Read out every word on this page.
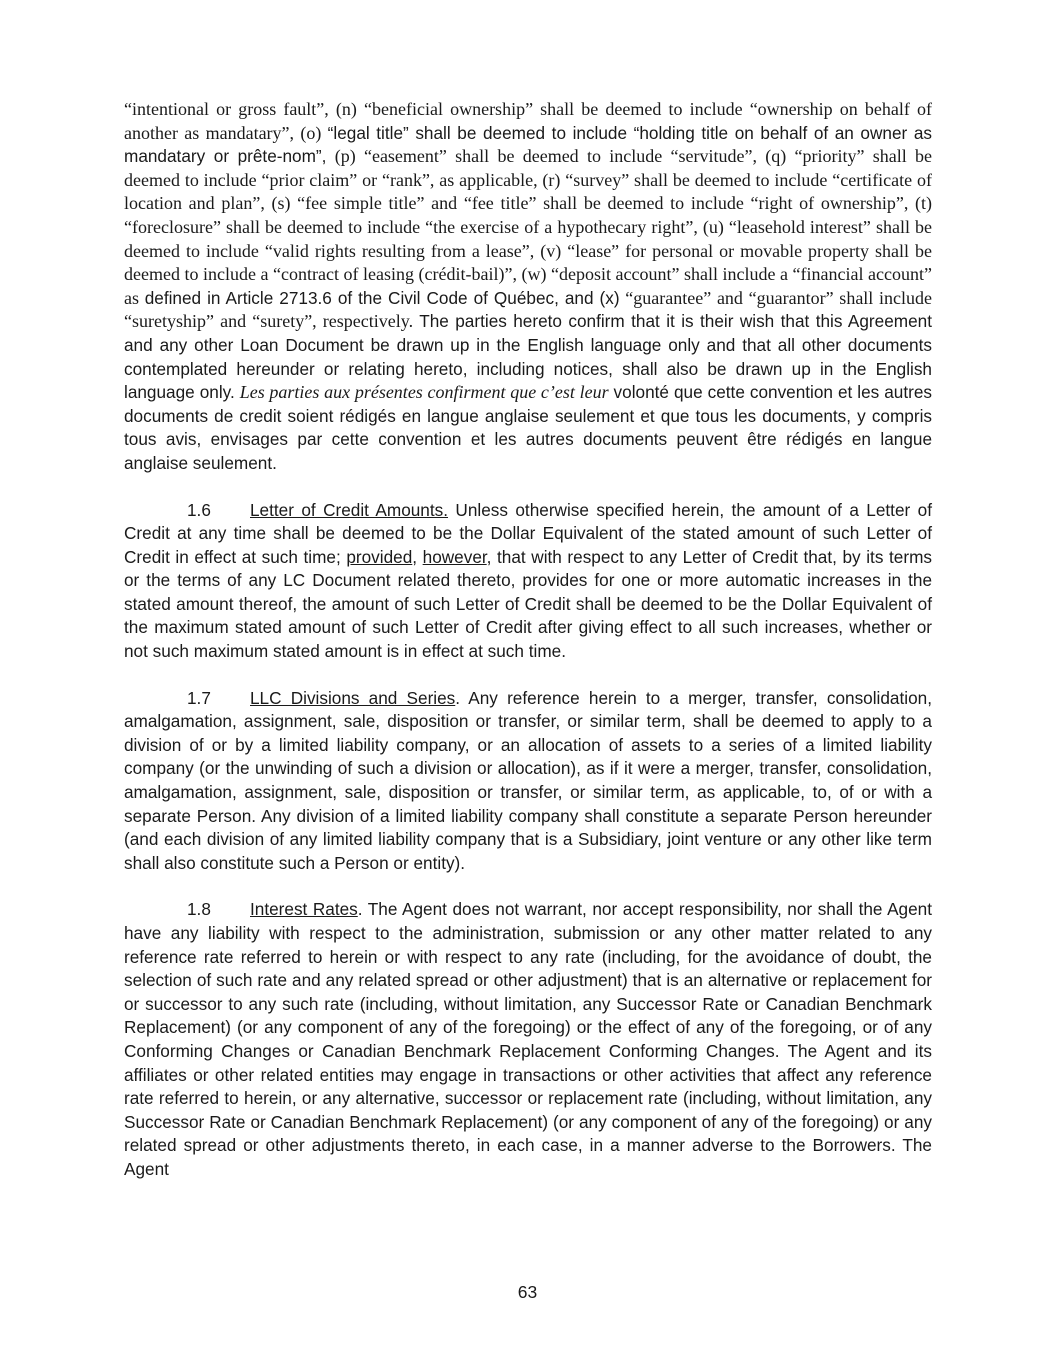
“intentional or gross fault”, (n) “beneficial ownership” shall be deemed to include “ownership on behalf of another as mandatary”, (o) “legal title” shall be deemed to include “holding title on behalf of an owner as mandatary or prête-nom”, (p) “easement” shall be deemed to include “servitude”, (q) “priority” shall be deemed to include “prior claim” or “rank”, as applicable, (r) “survey” shall be deemed to include “certificate of location and plan”, (s) “fee simple title” and “fee title” shall be deemed to include “right of ownership”, (t) “foreclosure” shall be deemed to include “the exercise of a hypothecary right”, (u) “leasehold interest” shall be deemed to include “valid rights resulting from a lease”, (v) “lease” for personal or movable property shall be deemed to include a “contract of leasing (crédit-bail)”, (w) “deposit account” shall include a “financial account” as defined in Article 2713.6 of the Civil Code of Québec, and (x) “guarantee” and “guarantor” shall include “suretyship” and “surety”, respectively. The parties hereto confirm that it is their wish that this Agreement and any other Loan Document be drawn up in the English language only and that all other documents contemplated hereunder or relating hereto, including notices, shall also be drawn up in the English language only. Les parties aux présentes confirment que c’est leur volonté que cette convention et les autres documents de credit soient rédigés en langue anglaise seulement et que tous les documents, y compris tous avis, envisages par cette convention et les autres documents peuvent être rédigés en langue anglaise seulement.

1.6 Letter of Credit Amounts. Unless otherwise specified herein, the amount of a Letter of Credit at any time shall be deemed to be the Dollar Equivalent of the stated amount of such Letter of Credit in effect at such time; provided, however, that with respect to any Letter of Credit that, by its terms or the terms of any LC Document related thereto, provides for one or more automatic increases in the stated amount thereof, the amount of such Letter of Credit shall be deemed to be the Dollar Equivalent of the maximum stated amount of such Letter of Credit after giving effect to all such increases, whether or not such maximum stated amount is in effect at such time.

1.7 LLC Divisions and Series. Any reference herein to a merger, transfer, consolidation, amalgamation, assignment, sale, disposition or transfer, or similar term, shall be deemed to apply to a division of or by a limited liability company, or an allocation of assets to a series of a limited liability company (or the unwinding of such a division or allocation), as if it were a merger, transfer, consolidation, amalgamation, assignment, sale, disposition or transfer, or similar term, as applicable, to, of or with a separate Person. Any division of a limited liability company shall constitute a separate Person hereunder (and each division of any limited liability company that is a Subsidiary, joint venture or any other like term shall also constitute such a Person or entity).

1.8 Interest Rates. The Agent does not warrant, nor accept responsibility, nor shall the Agent have any liability with respect to the administration, submission or any other matter related to any reference rate referred to herein or with respect to any rate (including, for the avoidance of doubt, the selection of such rate and any related spread or other adjustment) that is an alternative or replacement for or successor to any such rate (including, without limitation, any Successor Rate or Canadian Benchmark Replacement) (or any component of any of the foregoing) or the effect of any of the foregoing, or of any Conforming Changes or Canadian Benchmark Replacement Conforming Changes. The Agent and its affiliates or other related entities may engage in transactions or other activities that affect any reference rate referred to herein, or any alternative, successor or replacement rate (including, without limitation, any Successor Rate or Canadian Benchmark Replacement) (or any component of any of the foregoing) or any related spread or other adjustments thereto, in each case, in a manner adverse to the Borrowers. The Agent

63
